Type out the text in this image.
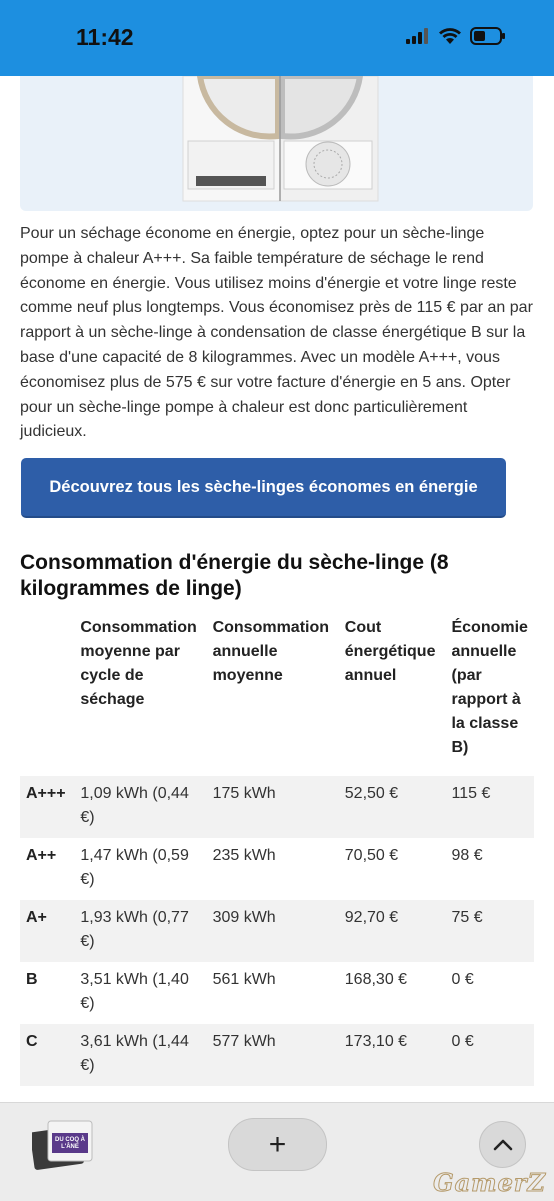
11:42

Pour un séchage économe en énergie, optez pour un sèche-linge pompe à chaleur A+++. Sa faible température de séchage le rend économe en énergie. Vous utilisez moins d'énergie et votre linge reste comme neuf plus longtemps. Vous économisez près de 115 € par an par rapport à un sèche-linge à condensation de classe énergétique B sur la base d'une capacité de 8 kilogrammes. Avec un modèle A+++, vous économisez plus de 575 € sur votre facture d'énergie en 5 ans. Opter pour un sèche-linge pompe à chaleur est donc particulièrement judicieux.

Découvrez tous les sèche-linges économes en énergie
Consommation d'énergie du sèche-linge (8 kilogrammes de linge)
	Consommation moyenne par cycle de séchage	Consommation annuelle moyenne	Cout énergétique annuel	Économie annuelle (par rapport à la classe B)
A+++	1,09 kWh (0,44 €)	175 kWh	52,50 €	115 €
A++	1,47 kWh (0,59 €)	235 kWh	70,50 €	98 €
A+	1,93 kWh (0,77 €)	309 kWh	92,70 €	75 €
B	3,51 kWh (1,40 €)	561 kWh	168,30 €	0 €
C	3,61 kWh (1,44 €)	577 kWh	173,10 €	0 €
DU COQ À L'ÂNE	+
GamerZ
